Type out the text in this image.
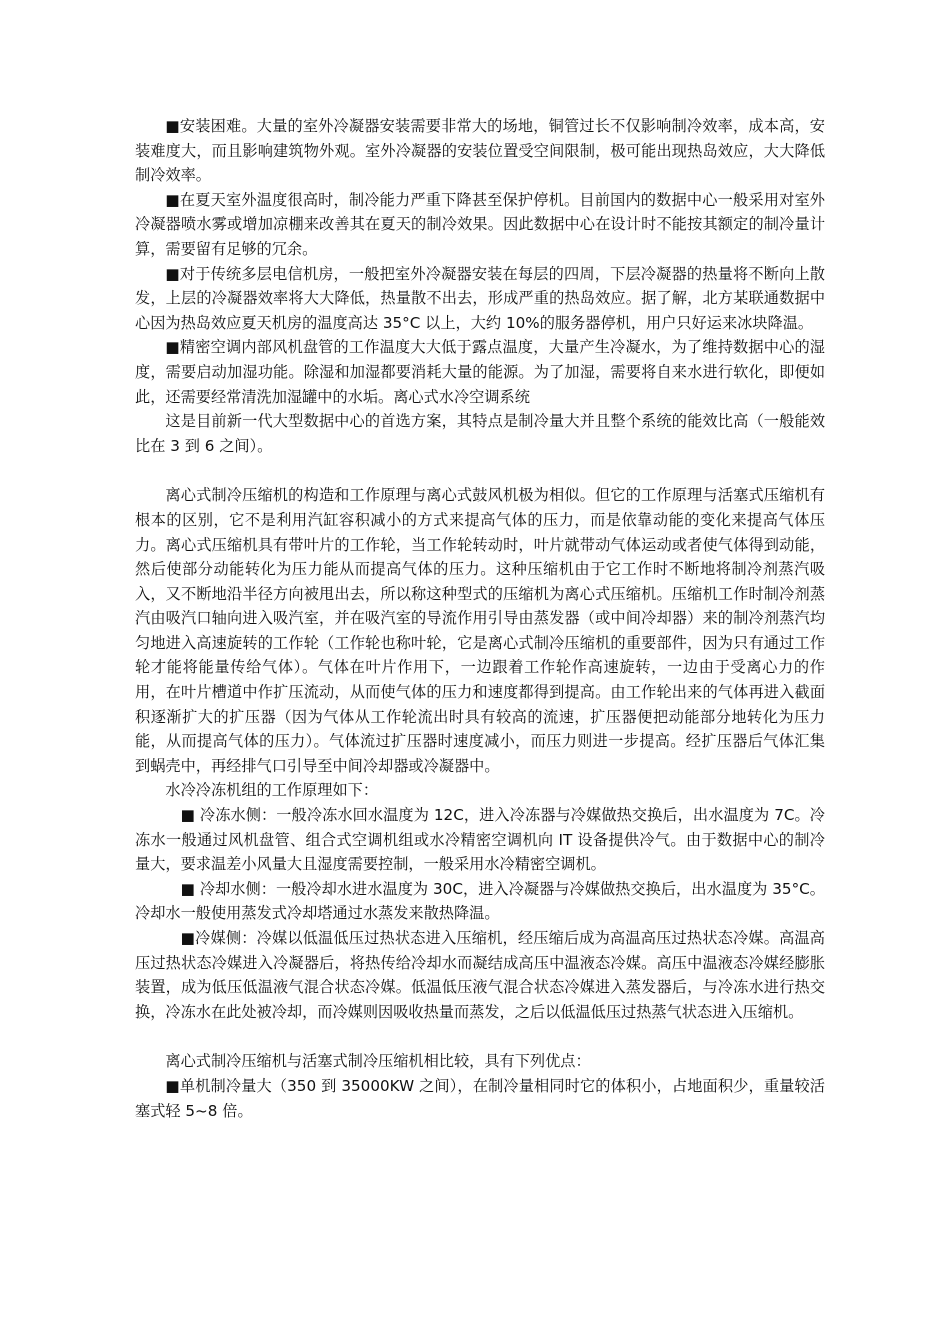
■安装困难。大量的室外冷凝器安装需要非常大的场地，铜管过长不仅影响制冷效率，成本高，安装难度大，而且影响建筑物外观。室外冷凝器的安装位置受空间限制，极可能出现热岛效应，大大降低制冷效率。

■在夏天室外温度很高时，制冷能力严重下降甚至保护停机。目前国内的数据中心一般采用对室外冷凝器喷水雾或增加凉棚来改善其在夏天的制冷效果。因此数据中心在设计时不能按其额定的制冷量计算，需要留有足够的冗余。

■对于传统多层电信机房，一般把室外冷凝器安装在每层的四周，下层冷凝器的热量将不断向上散发，上层的冷凝器效率将大大降低，热量散不出去，形成严重的热岛效应。据了解，北方某联通数据中心因为热岛效应夏天机房的温度高达 35°C 以上，大约 10%的服务器停机，用户只好运来冰块降温。

■精密空调内部风机盘管的工作温度大大低于露点温度，大量产生冷凝水，为了维持数据中心的湿度，需要启动加湿功能。除湿和加湿都要消耗大量的能源。为了加湿，需要将自来水进行软化，即便如此，还需要经常清洗加湿罐中的水垢。离心式水冷空调系统

这是目前新一代大型数据中心的首选方案，其特点是制冷量大并且整个系统的能效比高（一般能效比在 3 到 6 之间）。

离心式制冷压缩机的构造和工作原理与离心式鼓风机极为相似。但它的工作原理与活塞式压缩机有根本的区别，它不是利用汽缸容积减小的方式来提高气体的压力，而是依靠动能的变化来提高气体压力。离心式压缩机具有带叶片的工作轮，当工作轮转动时，叶片就带动气体运动或者使气体得到动能，然后使部分动能转化为压力能从而提高气体的压力。这种压缩机由于它工作时不断地将制冷剂蒸汽吸入，又不断地沿半径方向被甩出去，所以称这种型式的压缩机为离心式压缩机。压缩机工作时制冷剂蒸汽由吸汽口轴向进入吸汽室，并在吸汽室的导流作用引导由蒸发器（或中间冷却器）来的制冷剂蒸汽均匀地进入高速旋转的工作轮（工作轮也称叶轮，它是离心式制冷压缩机的重要部件，因为只有通过工作轮才能将能量传给气体）。气体在叶片作用下，一边跟着工作轮作高速旋转，一边由于受离心力的作用，在叶片槽道中作扩压流动，从而使气体的压力和速度都得到提高。由工作轮出来的气体再进入截面积逐渐扩大的扩压器（因为气体从工作轮流出时具有较高的流速，扩压器便把动能部分地转化为压力能，从而提高气体的压力）。气体流过扩压器时速度减小，而压力则进一步提高。经扩压器后气体汇集到蜗壳中，再经排气口引导至中间冷却器或冷凝器中。

水冷冷冻机组的工作原理如下：

■ 冷冻水侧：一般冷冻水回水温度为 12C，进入冷冻器与冷媒做热交换后，出水温度为 7C。冷冻水一般通过风机盘管、组合式空调机组或水冷精密空调机向 IT 设备提供冷气。由于数据中心的制冷量大，要求温差小风量大且湿度需要控制，一般采用水冷精密空调机。

■ 冷却水侧：一般冷却水进水温度为 30C，进入冷凝器与冷媒做热交换后，出水温度为 35°C。冷却水一般使用蒸发式冷却塔通过水蒸发来散热降温。

■冷媒侧：冷媒以低温低压过热状态进入压缩机，经压缩后成为高温高压过热状态冷媒。高温高压过热状态冷媒进入冷凝器后，将热传给冷却水而凝结成高压中温液态冷媒。高压中温液态冷媒经膨胀装置，成为低压低温液气混合状态冷媒。低温低压液气混合状态冷媒进入蒸发器后，与冷冻水进行热交换，冷冻水在此处被冷却，而冷媒则因吸收热量而蒸发，之后以低温低压过热蒸气状态进入压缩机。

离心式制冷压缩机与活塞式制冷压缩机相比较，具有下列优点：

■单机制冷量大（350 到 35000KW 之间），在制冷量相同时它的体积小，占地面积少，重量较活塞式轻 5~8 倍。
